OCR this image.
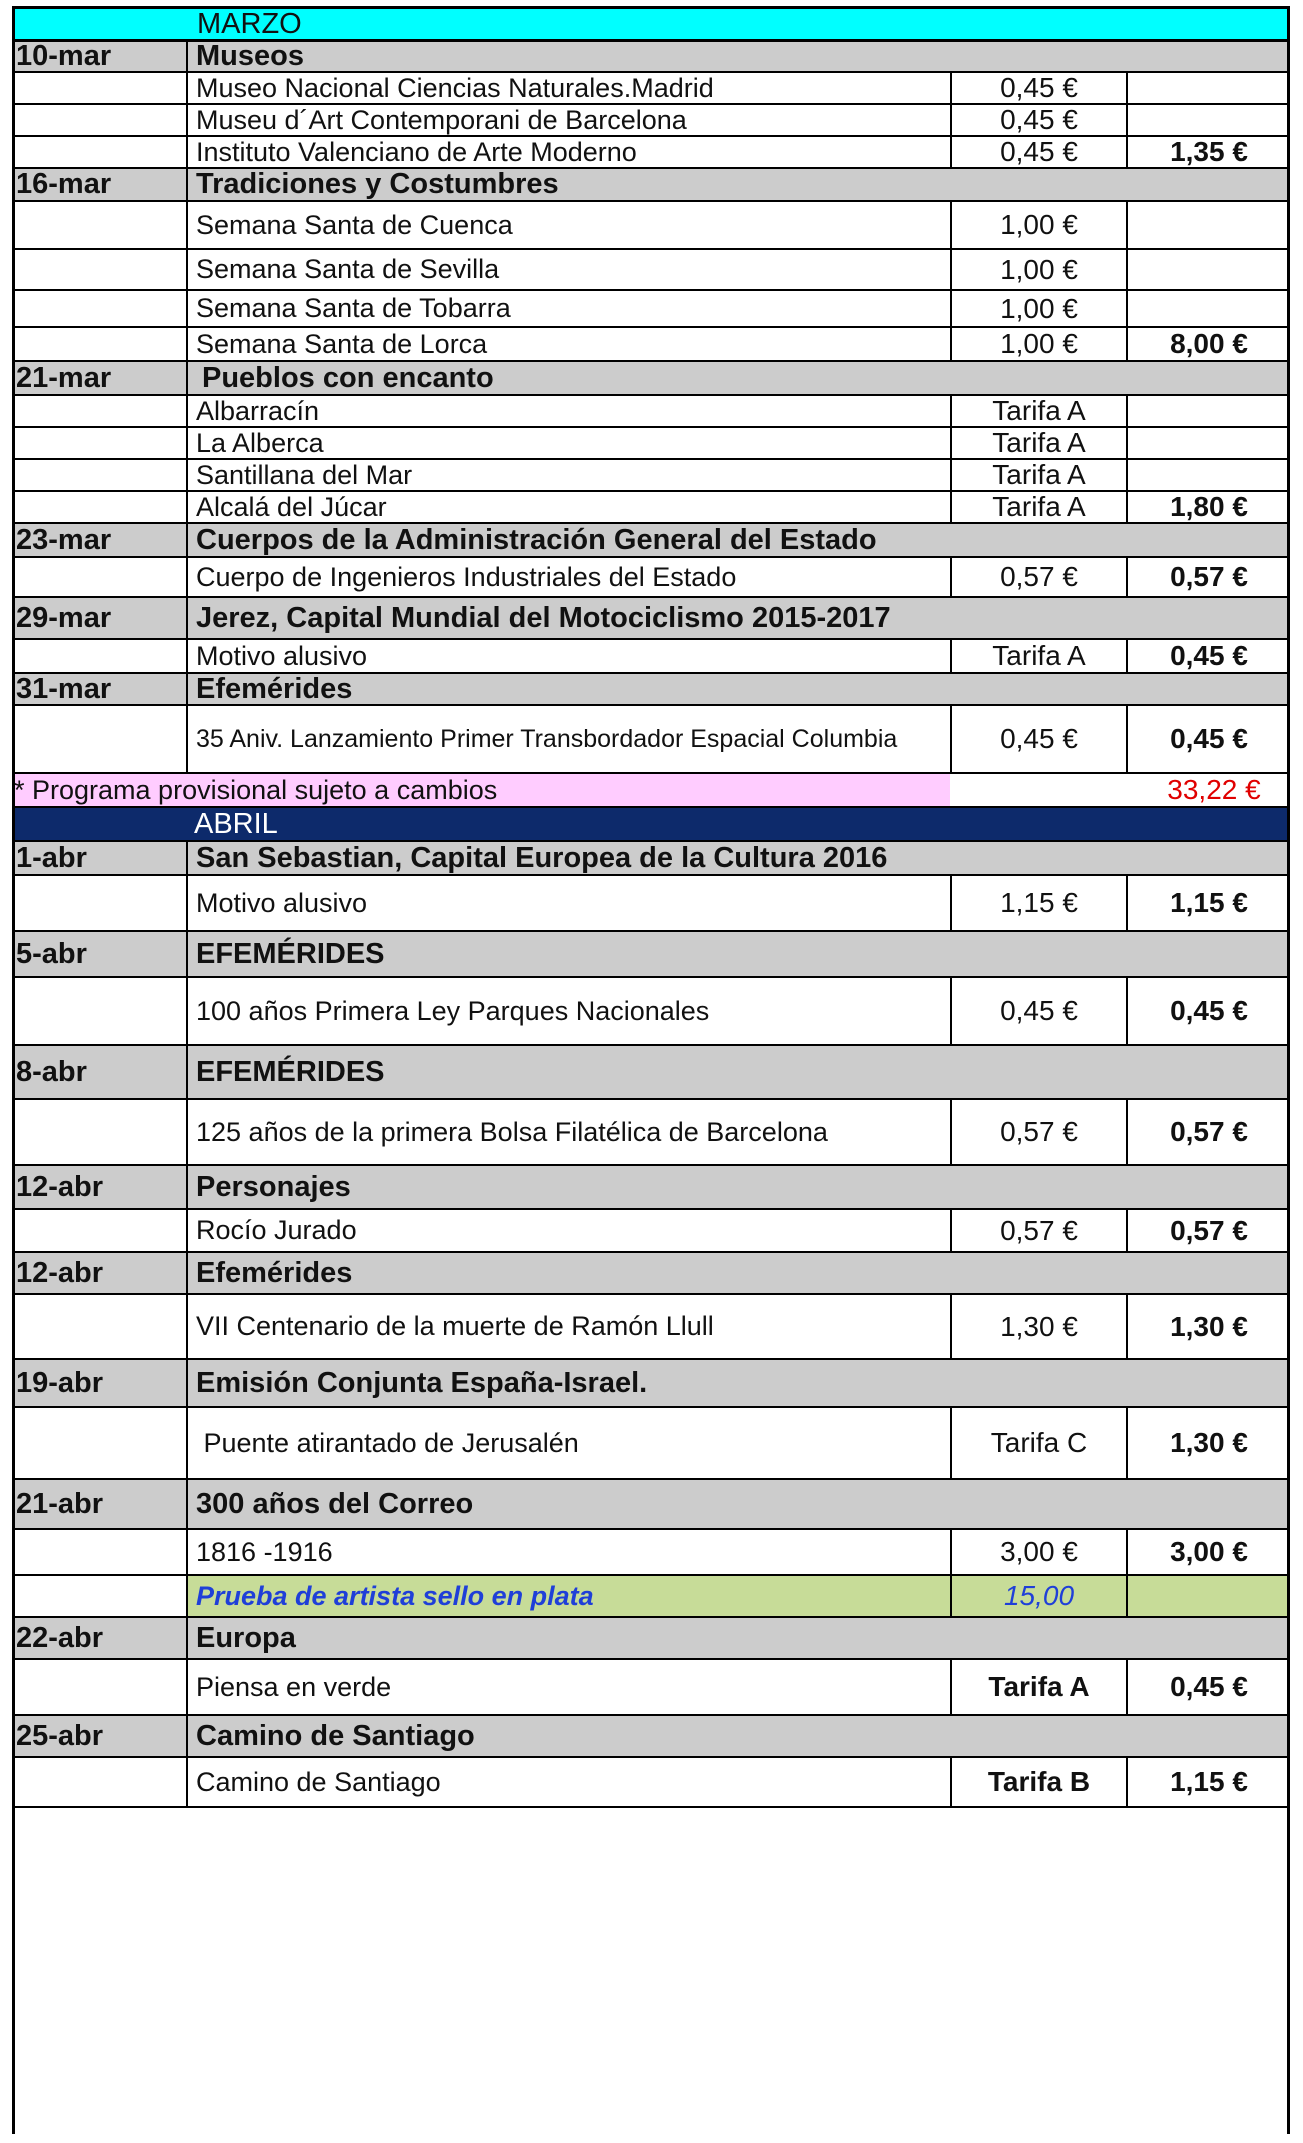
MARZO
10-mar	Museos
Museo Nacional Ciencias Naturales.Madrid	0,45 €
Museu d´Art Contemporani de Barcelona	0,45 €
Instituto Valenciano de Arte Moderno	0,45 €	1,35 €
16-mar	Tradiciones y Costumbres
Semana Santa de Cuenca	1,00 €
Semana Santa de Sevilla	1,00 €
Semana Santa de Tobarra	1,00 €
Semana Santa de Lorca	1,00 €	8,00 €
21-mar	Pueblos con encanto
Albarracín	Tarifa A
La Alberca	Tarifa A
Santillana del Mar	Tarifa A
Alcalá del Júcar	Tarifa A	1,80 €
23-mar	Cuerpos de la Administración General del Estado
Cuerpo de Ingenieros Industriales del Estado	0,57 €	0,57 €
29-mar	Jerez, Capital Mundial del Motociclismo 2015-2017
Motivo alusivo	Tarifa A	0,45 €
31-mar	Efemérides
35 Aniv. Lanzamiento Primer Transbordador Espacial Columbia	0,45 €	0,45 €
* Programa provisional sujeto a cambios	33,22 €
ABRIL
1-abr	San Sebastian, Capital Europea de la Cultura 2016
Motivo alusivo	1,15 €	1,15 €
5-abr	EFEMÉRIDES
100 años Primera Ley Parques Nacionales	0,45 €	0,45 €
8-abr	EFEMÉRIDES
125 años de la primera Bolsa Filatélica de Barcelona	0,57 €	0,57 €
12-abr	Personajes
Rocío Jurado	0,57 €	0,57 €
12-abr	Efemérides
VII Centenario de la muerte de Ramón Llull	1,30 €	1,30 €
19-abr	Emisión Conjunta España-Israel.
Puente atirantado de Jerusalén	Tarifa C	1,30 €
21-abr	300 años del Correo
1816 -1916	3,00 €	3,00 €
Prueba de artista sello en plata	15,00
22-abr	Europa
Piensa en verde	Tarifa A	0,45 €
25-abr	Camino de Santiago
Camino de Santiago	Tarifa B	1,15 €
